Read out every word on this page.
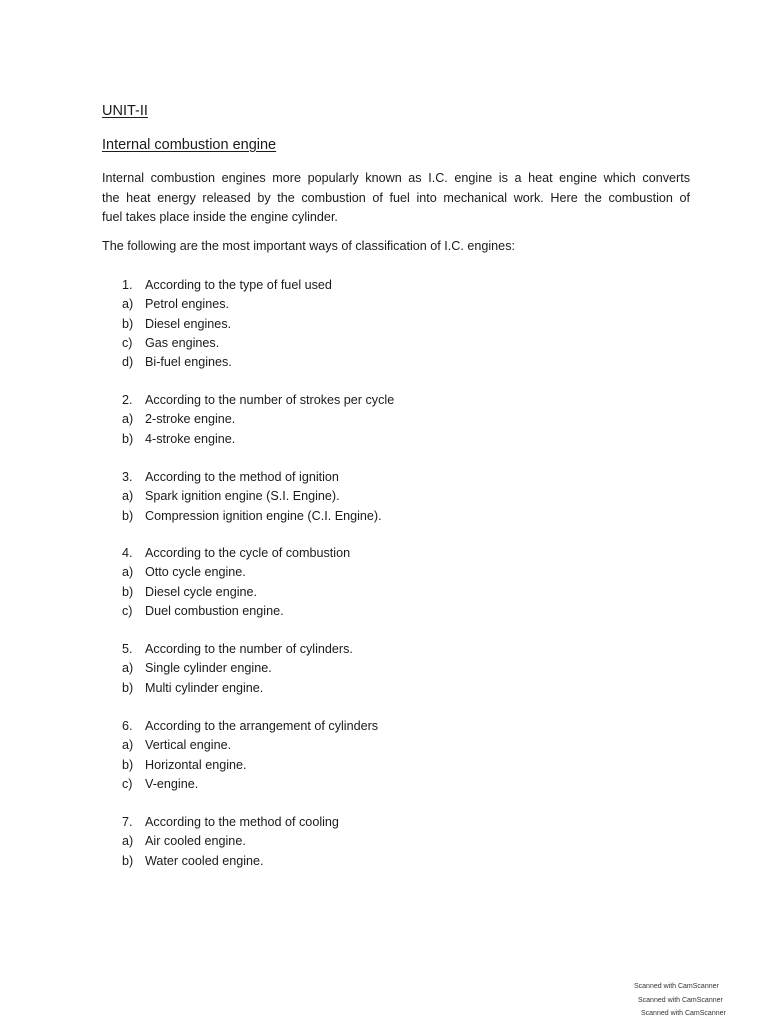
UNIT-II
Internal combustion engine

Internal combustion engines more popularly known as I.C. engine is a heat engine which converts
the heat energy released by the combustion of fuel into mechanical work. Here the combustion of
fuel takes place inside the engine cylinder.

The following are the most important ways of classification of I.C. engines:

1. According to the type of fuel used
a) Petrol engines.
b) Diesel engines.
c) Gas engines.
d) Bi-fuel engines.
2. According to the number of strokes per cycle
a) 2-stroke engine.
b) 4-stroke engine.
3. According to the method of ignition
a) Spark ignition engine (S.I. Engine).
b) Compression ignition engine (C.I. Engine).
4. According to the cycle of combustion
a) Otto cycle engine.
b) Diesel cycle engine.
c) Duel combustion engine.
5. According to the number of cylinders.
a) Single cylinder engine.
b) Multi cylinder engine.
6. According to the arrangement of cylinders
a) Vertical engine.
b) Horizontal engine.
c) V-engine.
7. According to the method of cooling
a) Air cooled engine.
b) Water cooled engine.
Scanned with CamScanner
Scanned with CamScanner
Scanned with CamScanner
